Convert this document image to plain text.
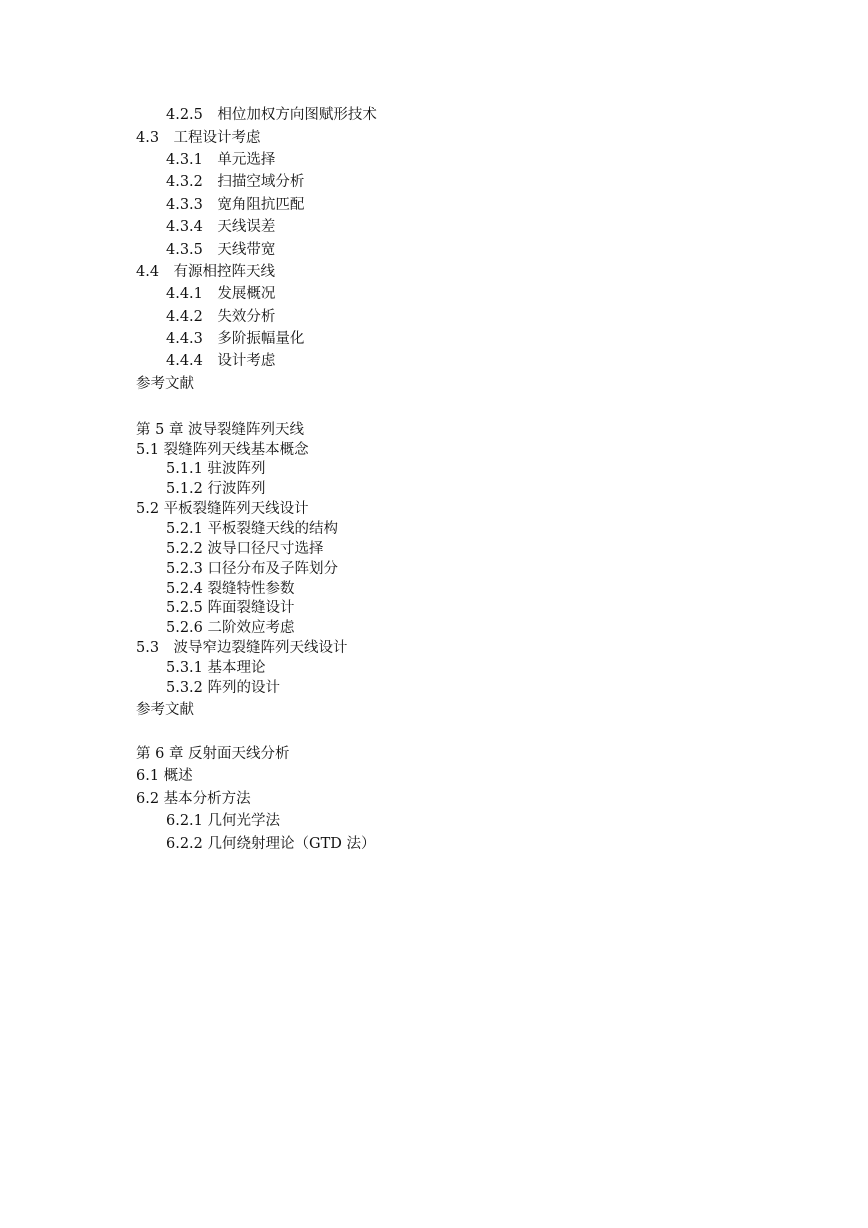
4.2.5　相位加权方向图赋形技术
4.3　工程设计考虑
4.3.1　单元选择
4.3.2　扫描空域分析
4.3.3　宽角阻抗匹配
4.3.4　天线误差
4.3.5　天线带宽
4.4　有源相控阵天线
4.4.1　发展概况
4.4.2　失效分析
4.4.3　多阶振幅量化
4.4.4　设计考虑
参考文献
第 5 章 波导裂缝阵列天线
5.1 裂缝阵列天线基本概念
5.1.1 驻波阵列
5.1.2 行波阵列
5.2 平板裂缝阵列天线设计
5.2.1 平板裂缝天线的结构
5.2.2 波导口径尺寸选择
5.2.3 口径分布及子阵划分
5.2.4 裂缝特性参数
5.2.5 阵面裂缝设计
5.2.6 二阶效应考虑
5.3　波导窄边裂缝阵列天线设计
5.3.1 基本理论
5.3.2 阵列的设计
参考文献
第 6 章 反射面天线分析
6.1 概述
6.2 基本分析方法
6.2.1 几何光学法
6.2.2 几何绕射理论（GTD 法）
